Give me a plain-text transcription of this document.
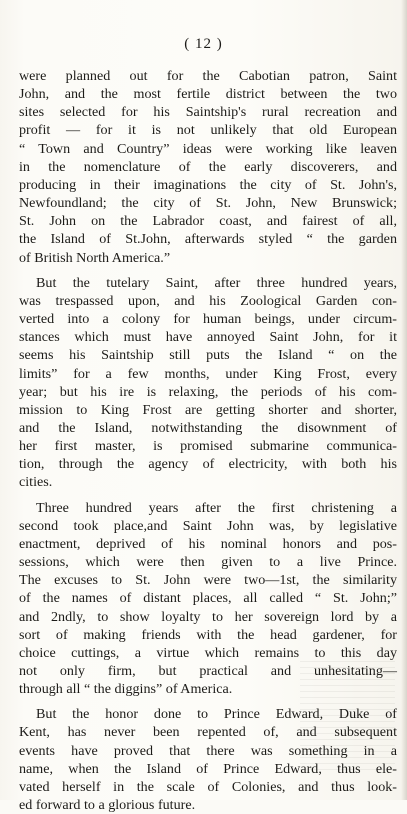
( 12 )

were planned out for the Cabotian patron, Saint
John, and the most fertile district between the two
sites selected for his Saintship's rural recreation and
profit — for it is not unlikely that old European
“ Town and Country” ideas were working like leaven
in the nomenclature of the early discoverers, and
producing in their imaginations the city of St. John's,
Newfoundland; the city of St. John, New Brunswick;
St. John on the Labrador coast, and fairest of all,
the Island of St.John, afterwards styled “ the garden
of British North America.”

But the tutelary Saint, after three hundred years,
was trespassed upon, and his Zoological Garden con-
verted into a colony for human beings, under circum-
stances which must have annoyed Saint John, for it
seems his Saintship still puts the Island “ on the
limits” for a few months, under King Frost, every
year; but his ire is relaxing, the periods of his com-
mission to King Frost are getting shorter and shorter,
and the Island, notwithstanding the disownment of
her first master, is promised submarine communica-
tion, through the agency of electricity, with both his
cities.

Three hundred years after the first christening a
second took place,and Saint John was, by legislative
enactment, deprived of his nominal honors and pos-
sessions, which were then given to a live Prince.
The excuses to St. John were two—1st, the similarity
of the names of distant places, all called “ St. John;”
and 2ndly, to show loyalty to her sovereign lord by a
sort of making friends with the head gardener, for
choice cuttings, a virtue which remains to this day
not only firm, but practical and unhesitating—
through all “ the diggins” of America.

But the honor done to Prince Edward, Duke of
Kent, has never been repented of, and subsequent
events have proved that there was something in a
name, when the Island of Prince Edward, thus ele-
vated herself in the scale of Colonies, and thus look-
ed forward to a glorious future.
